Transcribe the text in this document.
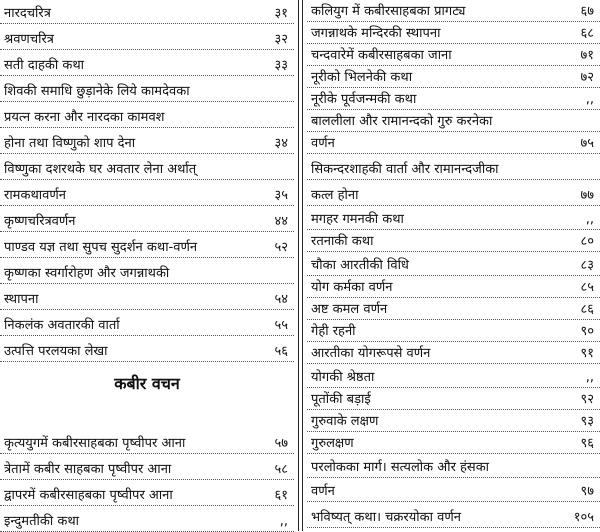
कबीर वचन
नारदचरित्र	३१
श्रवणचरित्र	३२
सती दाहकी कथा	३३
शिवकी समाधि छुड़ानेके लिये कामदेवका
प्रयत्न करना और नारदका कामवश
होना तथा विष्णुको शाप देना	३४
विष्णुका दशरथके घर अवतार लेना अर्थात्
रामकथावर्णन	३५
कृष्णचरित्रवर्णन	४४
पाण्डव यज्ञ तथा सुपच सुदर्शन कथा-वर्णन	५२
कृष्णका स्वर्गारोहण और जगन्नाथकी
स्थापना	५४
निकलंक अवतारकी वार्ता	५५
उत्पत्ति परलयका लेखा	५६
कृत्ययुगमें कबीरसाहबका पृष्वीपर आना	५७
त्रेतामें कबीर साहबका पृष्वीपर आना	५८
द्वापरमें कबीरसाहबका पृष्वीपर आना	६१
इन्दुमतीकी कथा	,,
कलियुग में कबीरसाहबका प्रागट्य	६७
जगन्नाथके मन्दिरकी स्थापना	६८
चन्दवारेमें कबीरसाहबका जाना	७१
नूरीको भिलनेकी कथा	७२
नूरीके पूर्वजन्मकी कथा	,,
बाललीला और रामानन्दको गुरु करनेका
वर्णन	७५
सिकन्दरशाहकी वार्ता और रामानन्दजीका
कत्ल होना	७७
मगहर गमनकी कथा	,,
रतनाकी कथा	८०
चौका आरतीकी विधि	८३
योग कर्मका वर्णन	८५
अष्ट कमल वर्णन	८६
गेही रहनी	९०
आरतीका योगरूपसे वर्णन	९१
योगकी श्रेष्ठता	,,
पूतोंकी बड़ाई	९२
गुरुवाके लक्षण	९३
गुरुलक्षण	९६
परलोकका मार्ग। सत्यलोक और हंसका
वर्णन	९७
भविष्यत् कथा। चक्ररयोका वर्णन	१०५
